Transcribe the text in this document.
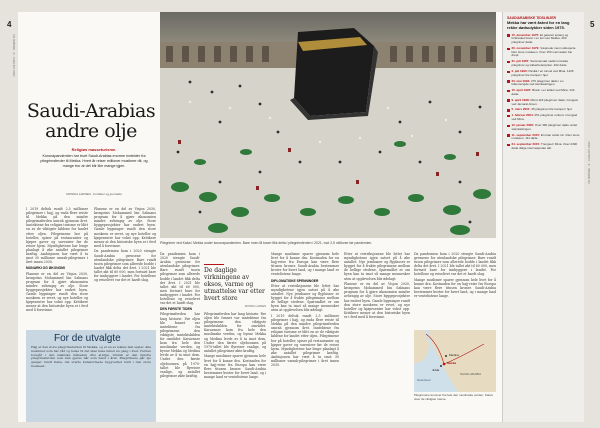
4	5
VG RØNNE · 8 · AUGUST 2021
VG RØNNE · 8 · AUGUST 2021
Saudi-Arabias andre olje
Religiøs masseturisme.
Koronapandemien har truet Saudi-Arabias enorme inntekter fra pilegrimsferder til Mekka. Hvert år reiser millioner muslimer dit, og mange tror at det blir like mange igjen.
MONIKA LARSEN · Forfatter og journalist
Pilegrimer ved Kaba i Mekka under koronapandemien. Bare noen få tusen fikk delta i pilegrimsferden i 2021, mot 2,5 millioner før pandemien.

I 2019 deltok rundt 2,5 millioner pilegrimer i hajj, og enda flere reiste til Mekka på den mindre pilegrimsferden umrah gjennom året. Inntektene fra religiøs turisme er blitt en av de viktigste kildene for landet etter oljen. Pilegrimene bor på hoteller, spiser på restauranter og kjøper gaver og suvenirer før de reiser hjem. Myndighetene har lenge planlagt å øke antallet pilegrimer kraftig. Ambisjonen har vært å ta imot 30 millioner umrah-pilegrimer i året innen 2030.

MONARKI OG ØKONOMI

Planene er en del av Visjon 2030, kronprins Mohammed bin Salmans program for å gjøre økonomien mindre avhengig av olje. Store byggeprosjekter har endret byen. Gamle bygninger rundt den store moskeen er revet, og nye hoteller og kjøpesentre har vokst opp. Kritikere mener at den historiske byen er i ferd med å forsvinne.

Planene er en del av Visjon 2030, kronprins Mohammed bin Salmans program for å gjøre økonomien mindre avhengig av olje. Store byggeprosjekter har endret byen. Gamle bygninger rundt den store moskeen er revet, og nye hoteller og kjøpesentre har vokst opp. Kritikere mener at den historiske byen er i ferd med å forsvinne.

Da pandemien kom i 2020 stengte Saudi-Arabia grensene for utenlandske pilegrimer. Bare rundt tusen pilegrimer som allerede bodde i landet fikk delta det året. I 2021 ble tallet økt til 60 000, men fortsatt bare for innbyggere i landet. For hotellene og reiselivet var det et hardt slag.

For de utvalgte
Hajj er den store pilegrimsferden til Mekka, og er en av islams fem søyler. Alle muslimer som har råd og helse til det skal reise minst én gang i livet. Ferden foregår i den islamske måneden dhu al-hijja. Umrah er den mindre pilegrimsferden som kan gjøres når som helst i året. Pilegrimene går sju ganger rundt Kaba, det svarte kubeformede byggverket midt i den store moskeen.

Da pandemien kom i 2020 stengte Saudi-Arabia grensene for utenlandske pilegrimer. Bare rundt tusen pilegrimer som allerede bodde i landet fikk delta det året. I 2021 ble tallet økt til 60 000, men fortsatt bare for innbyggere i landet. For hotellene og reiselivet var det et hardt slag.

DEN FØRSTE TIDEN

Pilegrimsferden har lang historie. Før oljen ble funnet var inntektene fra pilegrimene den viktigste inntektskilden for området. Karavaner kom fra hele den muslimske verden, og byene Mekka og Medina levde av å ta imot dem. Under den første oljeboomen på 1970-tallet ble flyreiser vanlige, og antallet pilegrimer økte kraftig.

De daglige virkningene av eksos, varme og utmattelse var etter hvert store
MONIKA LARSEN

Pilegrimsferden har lang historie. Før oljen ble funnet var inntektene fra pilegrimene den viktigste inntektskilden for området. Karavaner kom fra hele den muslimske verden, og byene Mekka og Medina levde av å ta imot dem. Under den første oljeboomen på 1970-tallet ble flyreiser vanlige, og antallet pilegrimer økte kraftig.

Mange muslimer sparer gjennom hele livet for å kunne dra. Kostnaden for en hajj-reise fra Europa kan være flere titusen kroner. Saudi-Arabia bestemmer kvoter for hvert land, og i mange land er ventelistene lange.

Mange muslimer sparer gjennom hele livet for å kunne dra. Kostnaden for en hajj-reise fra Europa kan være flere titusen kroner. Saudi-Arabia bestemmer kvoter for hvert land, og i mange land er ventelistene lange.

DIPLOMATISKE SPENNINGER

Etter at restriksjonene ble lettet har myndighetene igjen satset på å øke antallet. Nye jernbaner og flyplasser er bygget for å frakte pilegrimene mellom de hellige stedene. Spørsmålet er om byen kan ta imot så mange mennesker uten at opplevelsen blir ødelagt.

I 2019 deltok rundt 2,5 millioner pilegrimer i hajj, og enda flere reiste til Mekka på den mindre pilegrimsferden umrah gjennom året. Inntektene fra religiøs turisme er blitt en av de viktigste kildene for landet etter oljen. Pilegrimene bor på hoteller, spiser på restauranter og kjøper gaver og suvenirer før de reiser hjem. Myndighetene har lenge planlagt å øke antallet pilegrimer kraftig. Ambisjonen har vært å ta imot 30 millioner umrah-pilegrimer i året innen 2030.

Etter at restriksjonene ble lettet har myndighetene igjen satset på å øke antallet. Nye jernbaner og flyplasser er bygget for å frakte pilegrimene mellom de hellige stedene. Spørsmålet er om byen kan ta imot så mange mennesker uten at opplevelsen blir ødelagt.

Planene er en del av Visjon 2030, kronprins Mohammed bin Salmans program for å gjøre økonomien mindre avhengig av olje. Store byggeprosjekter har endret byen. Gamle bygninger rundt den store moskeen er revet, og nye hoteller og kjøpesentre har vokst opp. Kritikere mener at den historiske byen er i ferd med å forsvinne.

Da pandemien kom i 2020 stengte Saudi-Arabia grensene for utenlandske pilegrimer. Bare rundt tusen pilegrimer som allerede bodde i landet fikk delta det året. I 2021 ble tallet økt til 60 000, men fortsatt bare for innbyggere i landet. For hotellene og reiselivet var det et hardt slag.

Mange muslimer sparer gjennom hele livet for å kunne dra. Kostnaden for en hajj-reise fra Europa kan være flere titusen kroner. Saudi-Arabia bestemmer kvoter for hvert land, og i mange land er ventelistene lange.

Mekka
Medina
Jidda
SAUDI-ARABIA
Rødehavet
Pilegrimene kommer fra hele den muslimske verden. Kartet viser de viktigste rutene.
SAUDIARABISKE TIDSLINJER
Mekka har vært åsted for en lang rekke dødsulykker siden 1975.
15. desember 1975: Et gassrør sprang og forårsaket brann i en leir nær Mekka. 200 pilegrimer døde.
20. november 1979: Væpnede menn okkuperte Den store moskeen. Over 150 mennesker ble drept.
31. juli 1987: Sammenstøt mellom iranske pilegrimer og sikkerhetsstyrker. 402 døde.
2. juli 1990: Panikk i en tunnel ved Mina. 1426 pilegrimer ble trampet i hjel.
23. mai 1994: 270 pilegrimer døde i en folkemengde ved steinkastingen.
15. april 1997: Brann i en teltleir ved Mina. 343 døde.
9. april 1998: Minst 118 pilegrimer døde i trengsel ved Jamarat-broen.
5. mars 2001: 35 pilegrimer ble trampet i hjel.
1. februar 2004: 251 pilegrimer omkom i trengsel ved Mina.
12. januar 2006: Over 360 pilegrimer døde under steinkastingen.
11. september 2015: En kran veltet inn i Den store moskeen. 111 døde.
24. september 2015: Trengsel i Mina. Over 2400 døde ifølge internasjonale tall.
